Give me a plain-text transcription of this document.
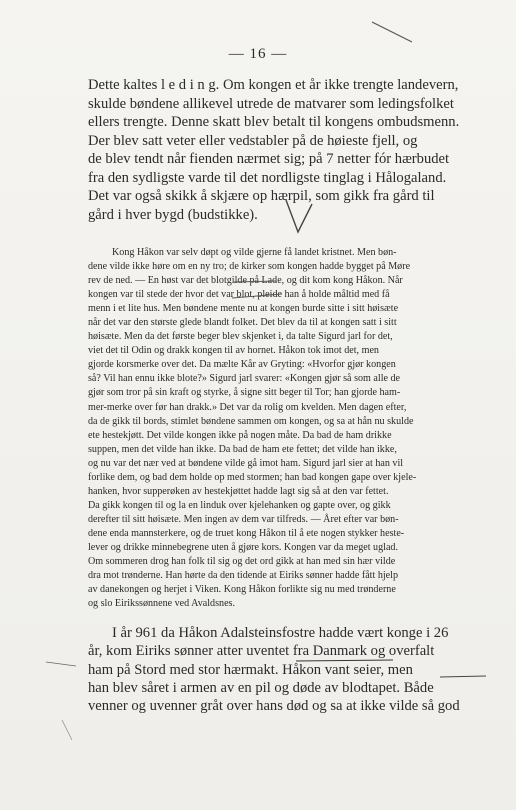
— 16 —
Dette kaltes l e d i n g. Om kongen et år ikke trengte landevern,
skulde bøndene allikevel utrede de matvarer som ledingsfolket
ellers trengte. Denne skatt blev betalt til kongens ombudsmenn.
Der blev satt veter eller vedstabler på de høieste fjell, og
de blev tendt når fienden nærmet sig; på 7 netter fór hærbudet
fra den sydligste varde til det nordligste tinglag i Hålogaland.
Det var også skikk å skjære op hærpil, som gikk fra gård til
gård i hver bygd (budstikke).
Kong Håkon var selv døpt og vilde gjerne få landet kristnet. Men bøn-
dene vilde ikke høre om en ny tro; de kirker som kongen hadde bygget på Møre
rev de ned. — En høst var det blotgilde på Lade, og dit kom kong Håkon. Når
kongen var til stede der hvor det var blot, pleide han å holde måltid med få
menn i et lite hus. Men bøndene mente nu at kongen burde sitte i sitt høisæte
når det var den største glede blandt folket. Det blev da til at kongen satt i sitt
høisæte. Men da det første beger blev skjenket i, da talte Sigurd jarl for det,
viet det til Odin og drakk kongen til av hornet. Håkon tok imot det, men
gjorde korsmerke over det. Da mælte Kår av Gryting: «Hvorfor gjør kongen
så? Vil han ennu ikke blote?» Sigurd jarl svarer: «Kongen gjør så som alle de
gjør som tror på sin kraft og styrke, å signe sitt beger til Tor; han gjorde ham-
mer-merke over før han drakk.» Det var da rolig om kvelden. Men dagen efter,
da de gikk til bords, stimlet bøndene sammen om kongen, og sa at hån nu skulde
ete hestekjøtt. Det vilde kongen ikke på nogen måte. Da bad de ham drikke
suppen, men det vilde han ikke. Da bad de ham ete fettet; det vilde han ikke,
og nu var det nær ved at bøndene vilde gå imot ham. Sigurd jarl sier at han vil
forlike dem, og bad dem holde op med stormen; han bad kongen gape over kjele-
hanken, hvor supperøken av hestekjøttet hadde lagt sig så at den var fettet.
Da gikk kongen til og la en linduk over kjelehanken og gapte over, og gikk
derefter til sitt høisæte. Men ingen av dem var tilfreds. — Året efter var bøn-
dene enda mannsterkere, og de truet kong Håkon til å ete nogen stykker heste-
lever og drikke minnebegrene uten å gjøre kors. Kongen var da meget uglad.
Om sommeren drog han folk til sig og det ord gikk at han med sin hær vilde
dra mot trønderne. Han hørte da den tidende at Eiriks sønner hadde fått hjelp
av danekongen og herjet i Viken. Kong Håkon forlikte sig nu med trønderne
og slo Eirikssønnene ved Avaldsnes.
I år 961 da Håkon Adalsteinsfostre hadde vært konge i 26
år, kom Eiriks sønner atter uventet fra Danmark og overfalt
ham på Stord med stor hærmakt. Håkon vant seier, men
han blev såret i armen av en pil og døde av blodtapet. Både
venner og uvenner gråt over hans død og sa at ikke vilde så god
